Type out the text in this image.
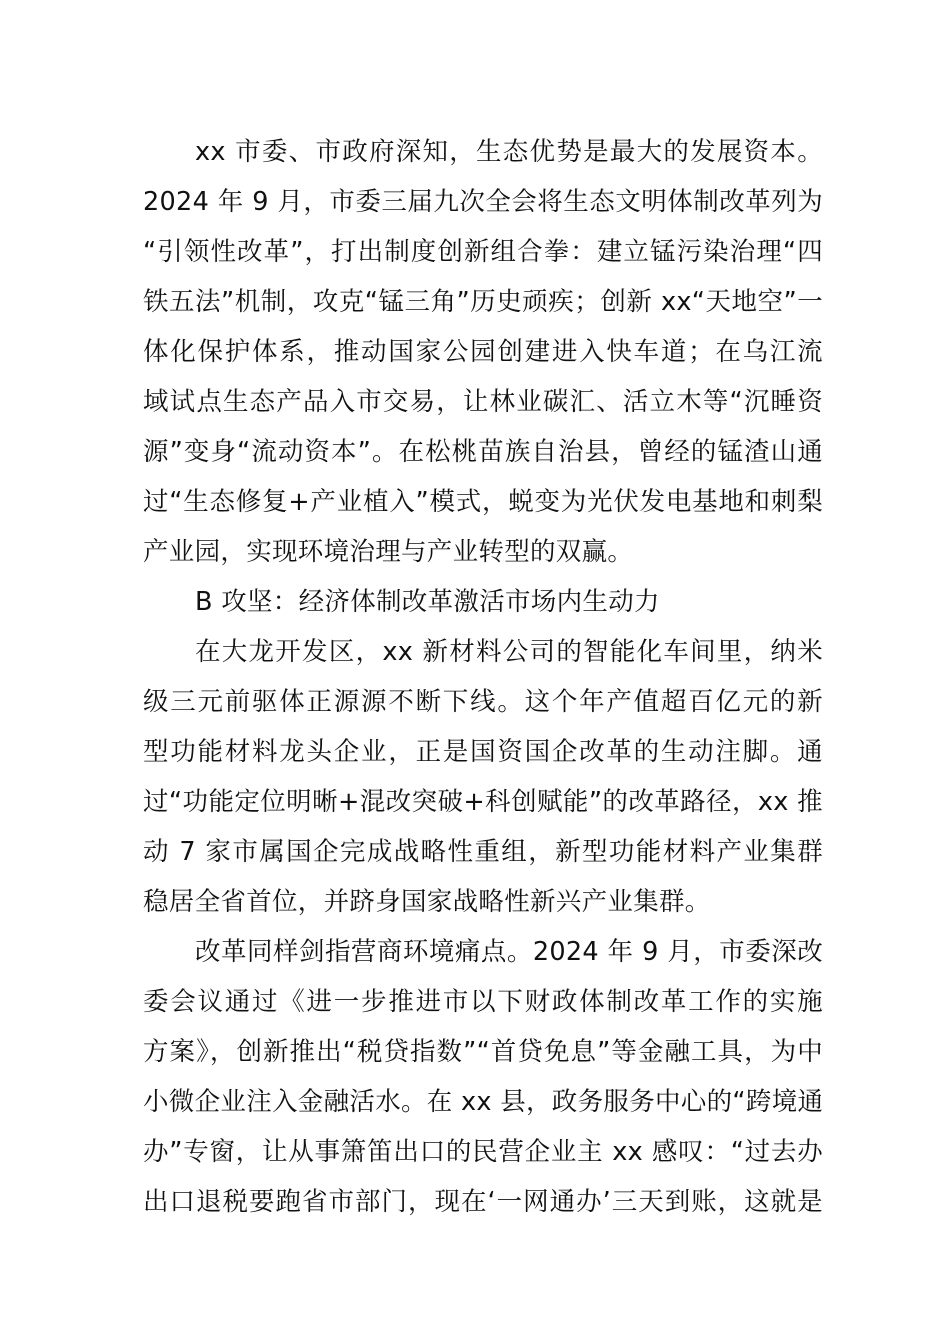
xx 市委、市政府深知，生态优势是最大的发展资本。
2024 年 9 月，市委三届九次全会将生态文明体制改革列为
“引领性改革”，打出制度创新组合拳：建立锰污染治理“四
铁五法”机制，攻克“锰三角”历史顽疾；创新 xx“天地空”一
体化保护体系，推动国家公园创建进入快车道；在乌江流
域试点生态产品入市交易，让林业碳汇、活立木等“沉睡资
源”变身“流动资本”。在松桃苗族自治县，曾经的锰渣山通
过“生态修复+产业植入”模式，蜕变为光伏发电基地和刺梨
产业园，实现环境治理与产业转型的双赢。
B 攻坚：经济体制改革激活市场内生动力
在大龙开发区，xx 新材料公司的智能化车间里，纳米
级三元前驱体正源源不断下线。这个年产值超百亿元的新
型功能材料龙头企业，正是国资国企改革的生动注脚。通
过“功能定位明晰+混改突破+科创赋能”的改革路径，xx 推
动 7 家市属国企完成战略性重组，新型功能材料产业集群
稳居全省首位，并跻身国家战略性新兴产业集群。
改革同样剑指营商环境痛点。2024 年 9 月，市委深改
委会议通过《进一步推进市以下财政体制改革工作的实施
方案》，创新推出“税贷指数”“首贷免息”等金融工具，为中
小微企业注入金融活水。在 xx 县，政务服务中心的“跨境通
办”专窗，让从事箫笛出口的民营企业主 xx 感叹：“过去办
出口退税要跑省市部门，现在‘一网通办’三天到账，这就是
